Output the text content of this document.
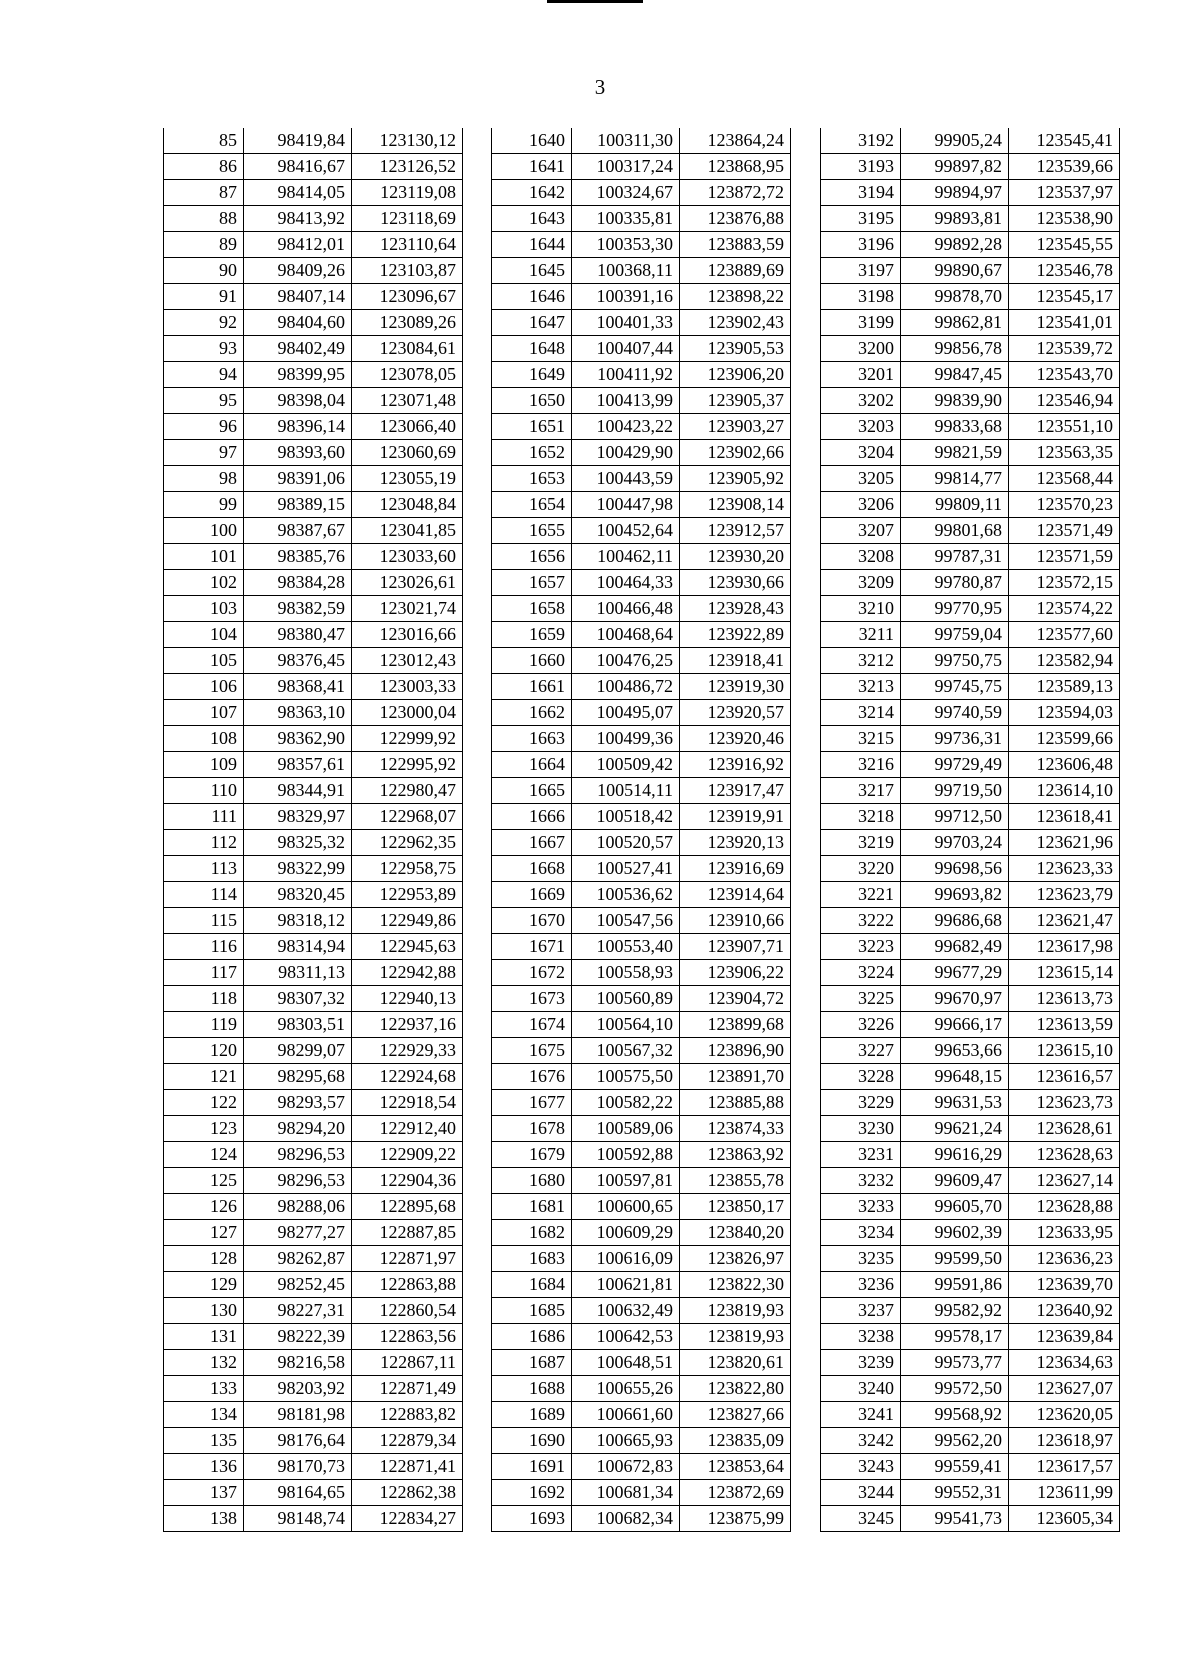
3
85	98419,84	123130,12
86	98416,67	123126,52
87	98414,05	123119,08
88	98413,92	123118,69
89	98412,01	123110,64
90	98409,26	123103,87
91	98407,14	123096,67
92	98404,60	123089,26
93	98402,49	123084,61
94	98399,95	123078,05
95	98398,04	123071,48
96	98396,14	123066,40
97	98393,60	123060,69
98	98391,06	123055,19
99	98389,15	123048,84
100	98387,67	123041,85
101	98385,76	123033,60
102	98384,28	123026,61
103	98382,59	123021,74
104	98380,47	123016,66
105	98376,45	123012,43
106	98368,41	123003,33
107	98363,10	123000,04
108	98362,90	122999,92
109	98357,61	122995,92
110	98344,91	122980,47
111	98329,97	122968,07
112	98325,32	122962,35
113	98322,99	122958,75
114	98320,45	122953,89
115	98318,12	122949,86
116	98314,94	122945,63
117	98311,13	122942,88
118	98307,32	122940,13
119	98303,51	122937,16
120	98299,07	122929,33
121	98295,68	122924,68
122	98293,57	122918,54
123	98294,20	122912,40
124	98296,53	122909,22
125	98296,53	122904,36
126	98288,06	122895,68
127	98277,27	122887,85
128	98262,87	122871,97
129	98252,45	122863,88
130	98227,31	122860,54
131	98222,39	122863,56
132	98216,58	122867,11
133	98203,92	122871,49
134	98181,98	122883,82
135	98176,64	122879,34
136	98170,73	122871,41
137	98164,65	122862,38
138	98148,74	122834,27
1640	100311,30	123864,24
1641	100317,24	123868,95
1642	100324,67	123872,72
1643	100335,81	123876,88
1644	100353,30	123883,59
1645	100368,11	123889,69
1646	100391,16	123898,22
1647	100401,33	123902,43
1648	100407,44	123905,53
1649	100411,92	123906,20
1650	100413,99	123905,37
1651	100423,22	123903,27
1652	100429,90	123902,66
1653	100443,59	123905,92
1654	100447,98	123908,14
1655	100452,64	123912,57
1656	100462,11	123930,20
1657	100464,33	123930,66
1658	100466,48	123928,43
1659	100468,64	123922,89
1660	100476,25	123918,41
1661	100486,72	123919,30
1662	100495,07	123920,57
1663	100499,36	123920,46
1664	100509,42	123916,92
1665	100514,11	123917,47
1666	100518,42	123919,91
1667	100520,57	123920,13
1668	100527,41	123916,69
1669	100536,62	123914,64
1670	100547,56	123910,66
1671	100553,40	123907,71
1672	100558,93	123906,22
1673	100560,89	123904,72
1674	100564,10	123899,68
1675	100567,32	123896,90
1676	100575,50	123891,70
1677	100582,22	123885,88
1678	100589,06	123874,33
1679	100592,88	123863,92
1680	100597,81	123855,78
1681	100600,65	123850,17
1682	100609,29	123840,20
1683	100616,09	123826,97
1684	100621,81	123822,30
1685	100632,49	123819,93
1686	100642,53	123819,93
1687	100648,51	123820,61
1688	100655,26	123822,80
1689	100661,60	123827,66
1690	100665,93	123835,09
1691	100672,83	123853,64
1692	100681,34	123872,69
1693	100682,34	123875,99
3192	99905,24	123545,41
3193	99897,82	123539,66
3194	99894,97	123537,97
3195	99893,81	123538,90
3196	99892,28	123545,55
3197	99890,67	123546,78
3198	99878,70	123545,17
3199	99862,81	123541,01
3200	99856,78	123539,72
3201	99847,45	123543,70
3202	99839,90	123546,94
3203	99833,68	123551,10
3204	99821,59	123563,35
3205	99814,77	123568,44
3206	99809,11	123570,23
3207	99801,68	123571,49
3208	99787,31	123571,59
3209	99780,87	123572,15
3210	99770,95	123574,22
3211	99759,04	123577,60
3212	99750,75	123582,94
3213	99745,75	123589,13
3214	99740,59	123594,03
3215	99736,31	123599,66
3216	99729,49	123606,48
3217	99719,50	123614,10
3218	99712,50	123618,41
3219	99703,24	123621,96
3220	99698,56	123623,33
3221	99693,82	123623,79
3222	99686,68	123621,47
3223	99682,49	123617,98
3224	99677,29	123615,14
3225	99670,97	123613,73
3226	99666,17	123613,59
3227	99653,66	123615,10
3228	99648,15	123616,57
3229	99631,53	123623,73
3230	99621,24	123628,61
3231	99616,29	123628,63
3232	99609,47	123627,14
3233	99605,70	123628,88
3234	99602,39	123633,95
3235	99599,50	123636,23
3236	99591,86	123639,70
3237	99582,92	123640,92
3238	99578,17	123639,84
3239	99573,77	123634,63
3240	99572,50	123627,07
3241	99568,92	123620,05
3242	99562,20	123618,97
3243	99559,41	123617,57
3244	99552,31	123611,99
3245	99541,73	123605,34
